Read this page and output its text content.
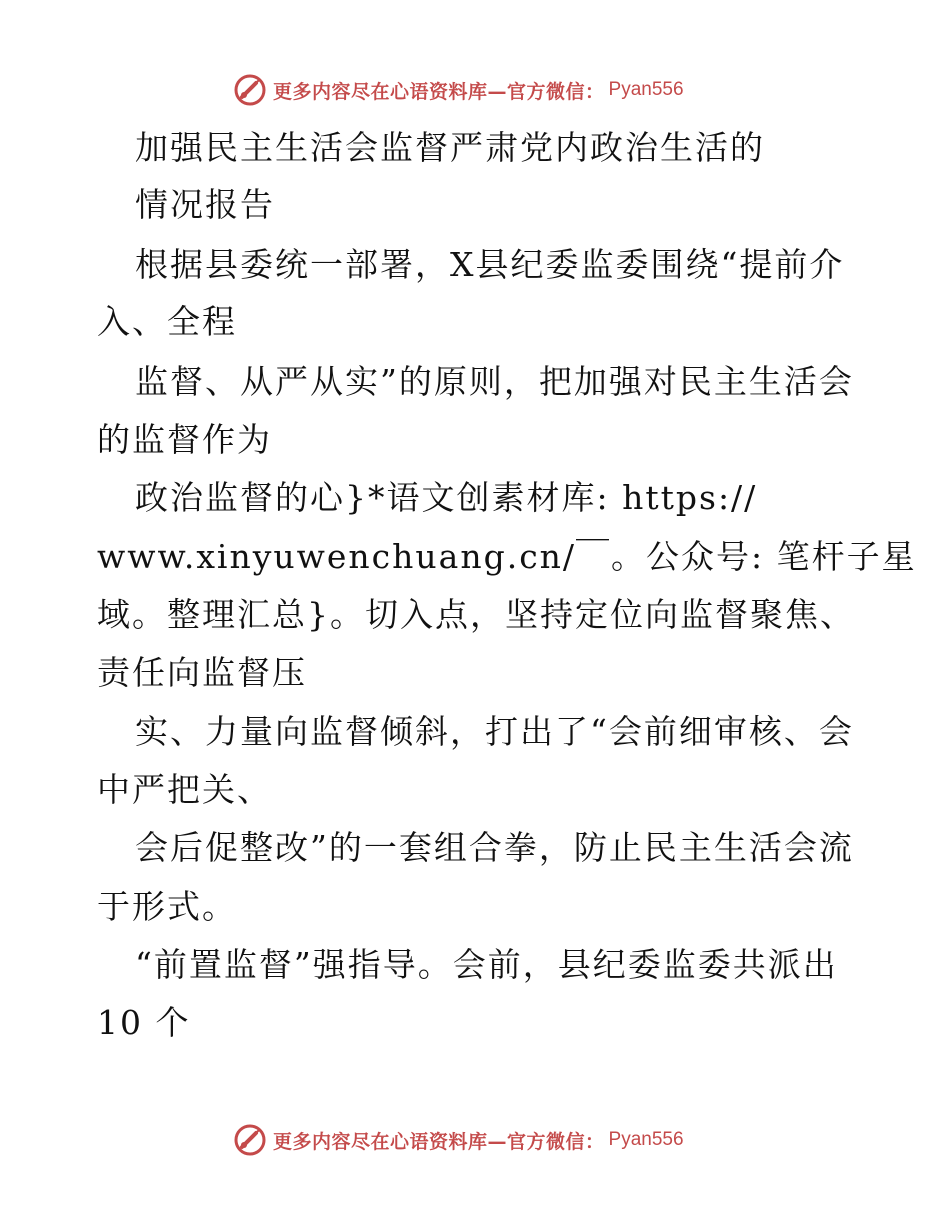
更多内容尽在心语资料库—官方微信： Pyan556
加强民主生活会监督严肃党内政治生活的
情况报告
根据县委统一部署，X县纪委监委围绕“提前介
入、全程
监督、从严从实”的原则，把加强对民主生活会
的监督作为
政治监督的心}*语文创素材库: https://
www.xinyuwenchuang.cn/￣。公众号: 笔杆子星
域。整理汇总}。切入点，坚持定位向监督聚焦、
责任向监督压
实、力量向监督倾斜，打出了“会前细审核、会
中严把关、
会后促整改”的一套组合拳，防止民主生活会流
于形式。
“前置监督”强指导。会前，县纪委监委共派出
10 个
更多内容尽在心语资料库—官方微信： Pyan556
